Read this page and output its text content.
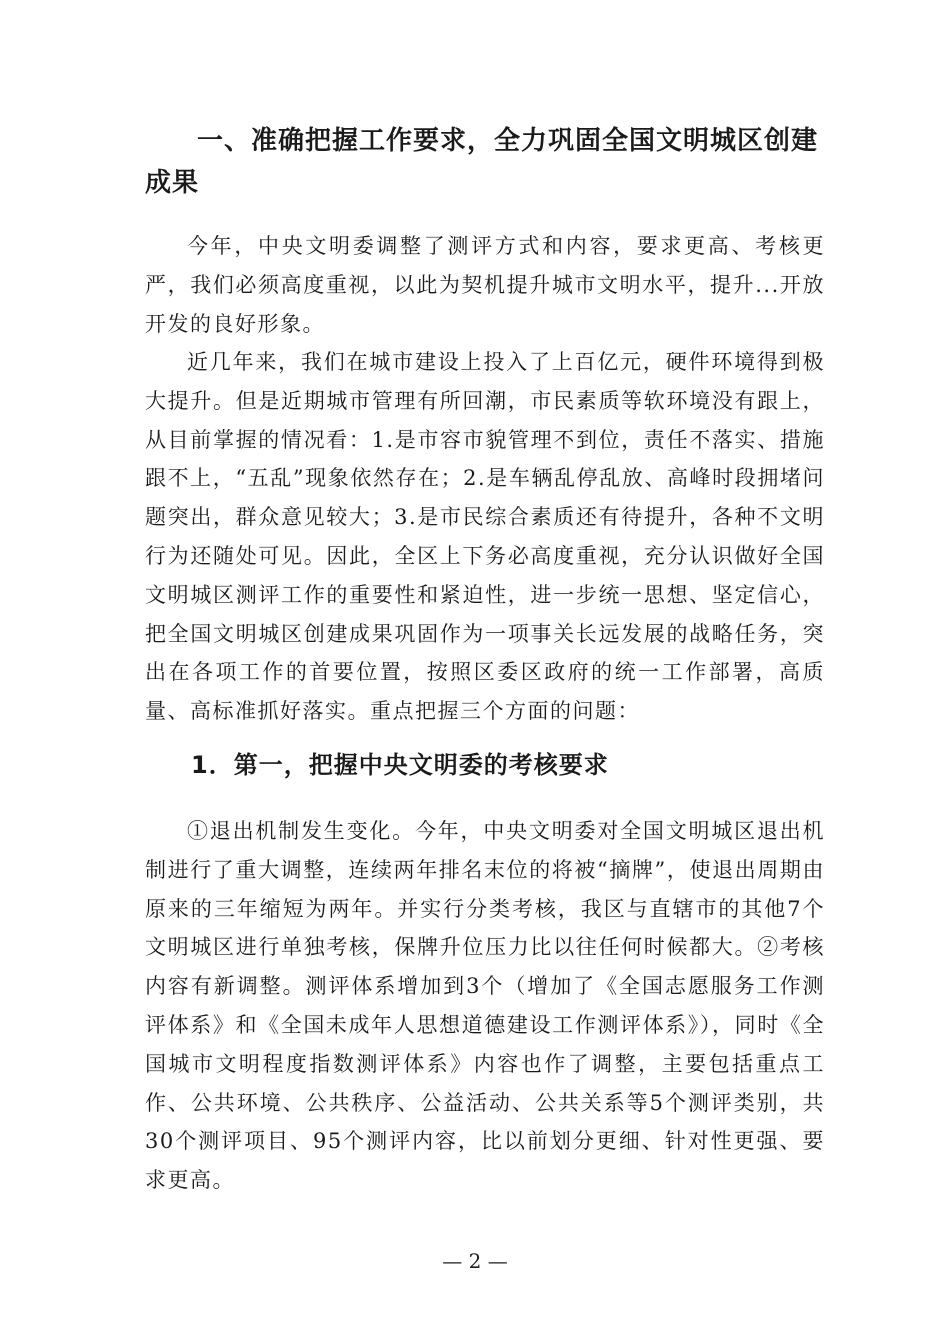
一、准确把握工作要求，全力巩固全国文明城区创建成果

今年，中央文明委调整了测评方式和内容，要求更高、考核更严，我们必须高度重视，以此为契机提升城市文明水平，提升...开放开发的良好形象。

近几年来，我们在城市建设上投入了上百亿元，硬件环境得到极大提升。但是近期城市管理有所回潮，市民素质等软环境没有跟上，从目前掌握的情况看：1.是市容市貌管理不到位，责任不落实、措施跟不上，“五乱”现象依然存在；2.是车辆乱停乱放、高峰时段拥堵问题突出，群众意见较大；3.是市民综合素质还有待提升，各种不文明行为还随处可见。因此，全区上下务必高度重视，充分认识做好全国文明城区测评工作的重要性和紧迫性，进一步统一思想、坚定信心，把全国文明城区创建成果巩固作为一项事关长远发展的战略任务，突出在各项工作的首要位置，按照区委区政府的统一工作部署，高质量、高标准抓好落实。重点把握三个方面的问题：

1．第一，把握中央文明委的考核要求

①退出机制发生变化。今年，中央文明委对全国文明城区退出机制进行了重大调整，连续两年排名末位的将被“摘牌”，使退出周期由原来的三年缩短为两年。并实行分类考核，我区与直辖市的其他7个文明城区进行单独考核，保牌升位压力比以往任何时候都大。②考核内容有新调整。测评体系增加到3个（增加了《全国志愿服务工作测评体系》和《全国未成年人思想道德建设工作测评体系》），同时《全国城市文明程度指数测评体系》内容也作了调整，主要包括重点工作、公共环境、公共秩序、公益活动、公共关系等5个测评类别，共30个测评项目、95个测评内容，比以前划分更细、针对性更强、要求更高。

— 2 —
